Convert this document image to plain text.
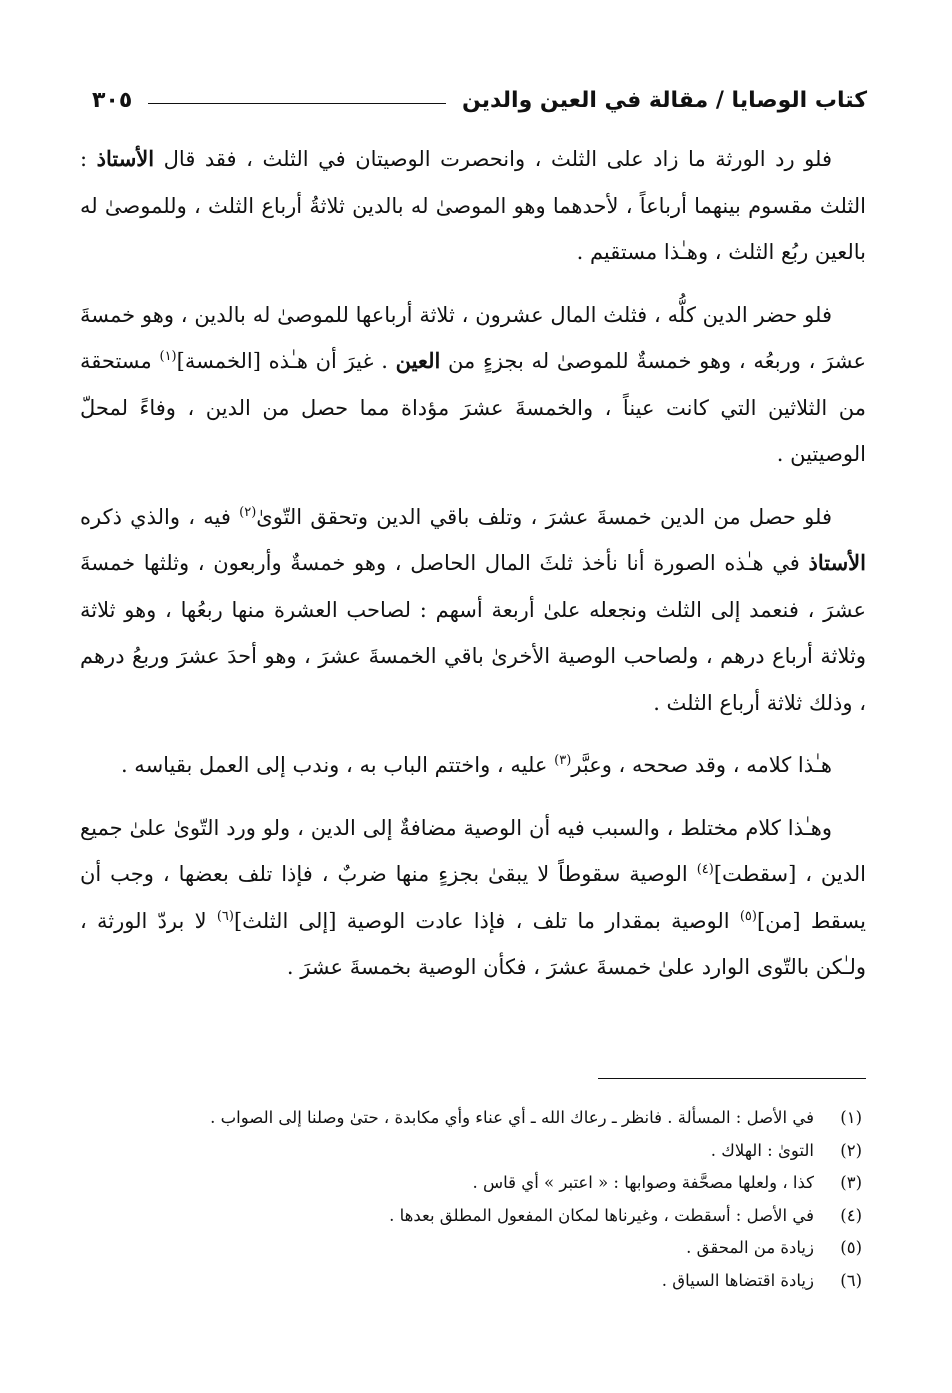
كتاب الوصايا / مقالة في العين والدين
٣٠٥

فلو رد الورثة ما زاد على الثلث ، وانحصرت الوصيتان في الثلث ، فقد قال الأستاذ : الثلث مقسوم بينهما أرباعاً ، لأحدهما وهو الموصىٰ له بالدين ثلاثةُ أرباع الثلث ، وللموصىٰ له بالعين ربُع الثلث ، وهـٰذا مستقيم .

فلو حضر الدين كلُّه ، فثلث المال عشرون ، ثلاثة أرباعها للموصىٰ له بالدين ، وهو خمسةَ عشرَ ، وربعُه ، وهو خمسةٌ للموصىٰ له بجزءٍ من العين . غيرَ أن هـٰذه [الخمسة]$^{(١)}$ مستحقة من الثلاثين التي كانت عيناً ، والخمسةَ عشرَ مؤداة مما حصل من الدين ، وفاءً لمحلّ الوصيتين .

فلو حصل من الدين خمسةَ عشرَ ، وتلف باقي الدين وتحقق التّوىٰ$^{(٢)}$ فيه ، والذي ذكره الأستاذ في هـٰذه الصورة أنا نأخذ ثلثَ المال الحاصل ، وهو خمسةٌ وأربعون ، وثلثها خمسةَ عشرَ ، فنعمد إلى الثلث ونجعله علىٰ أربعة أسهم : لصاحب العشرة منها ربعُها ، وهو ثلاثة وثلاثة أرباع درهم ، ولصاحب الوصية الأخرىٰ باقي الخمسةَ عشرَ ، وهو أحدَ عشرَ وربعُ درهم ، وذلك ثلاثة أرباع الثلث .

هـٰذا كلامه ، وقد صححه ، وعبَّر$^{(٣)}$ عليه ، واختتم الباب به ، وندب إلى العمل بقياسه .

وهـٰذا كلام مختلط ، والسبب فيه أن الوصية مضافةٌ إلى الدين ، ولو ورد التّوىٰ علىٰ جميع الدين ، [سقطت]$^{(٤)}$ الوصية سقوطاً لا يبقىٰ بجزءٍ منها ضربٌ ، فإذا تلف بعضها ، وجب أن يسقط [من]$^{(٥)}$ الوصية بمقدار ما تلف ، فإذا عادت الوصية [إلى الثلث]$^{(٦)}$ لا بردّ الورثة ، ولـٰكن بالتّوى الوارد علىٰ خمسةَ عشرَ ، فكأن الوصية بخمسةَ عشرَ .

(١)
في الأصل : المسألة . فانظر ـ رعاك الله ـ أي عناء وأي مكابدة ، حتىٰ وصلنا إلى الصواب .
(٢)
التوىٰ : الهلاك .
(٣)
كذا ، ولعلها مصحَّفة وصوابها : « اعتبر » أي قاس .
(٤)
في الأصل : أسقطت ، وغيرناها لمكان المفعول المطلق بعدها .
(٥)
زيادة من المحقق .
(٦)
زيادة اقتضاها السياق .
